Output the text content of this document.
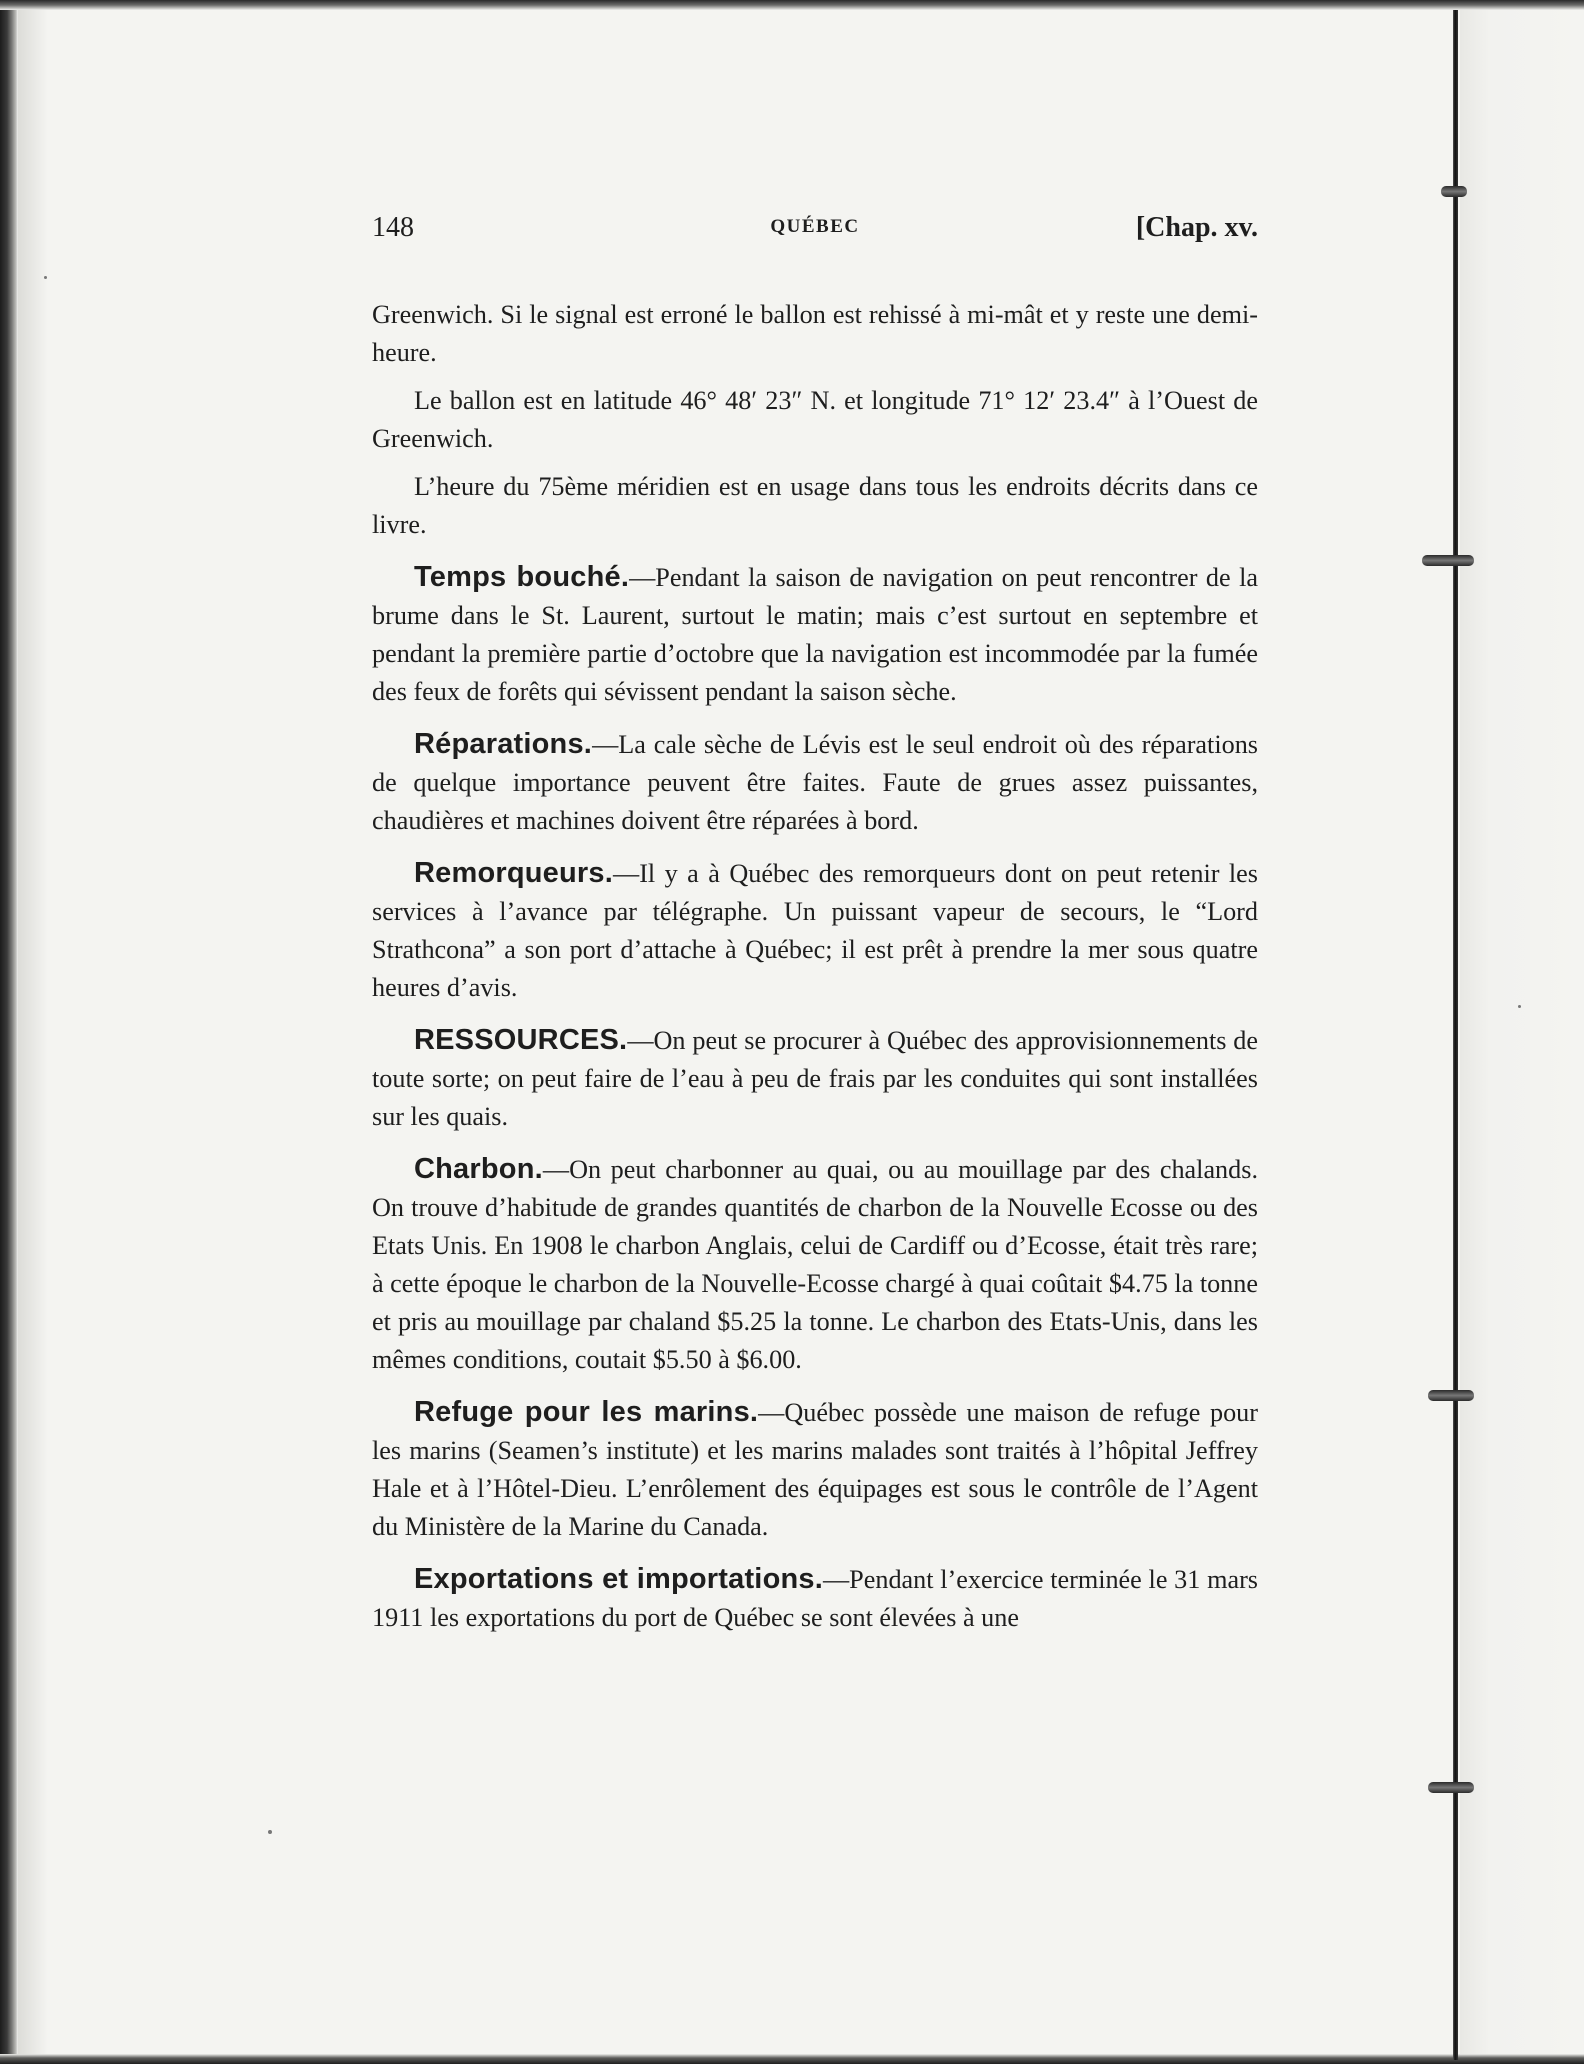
148	QUÉBEC	[Chap. xv.

Greenwich. Si le signal est erroné le ballon est rehissé à mi-mât et y reste une demi-heure.

Le ballon est en latitude 46° 48′ 23″ N. et longitude 71° 12′ 23.4″ à l’Ouest de Greenwich.

L’heure du 75ème méridien est en usage dans tous les endroits décrits dans ce livre.

Temps bouché.—Pendant la saison de navigation on peut rencontrer de la brume dans le St. Laurent, surtout le matin; mais c’est surtout en septembre et pendant la première partie d’octobre que la navigation est incommodée par la fumée des feux de forêts qui sévissent pendant la saison sèche.

Réparations.—La cale sèche de Lévis est le seul endroit où des réparations de quelque importance peuvent être faites. Faute de grues assez puissantes, chaudières et machines doivent être réparées à bord.

Remorqueurs.—Il y a à Québec des remorqueurs dont on peut retenir les services à l’avance par télégraphe. Un puissant vapeur de secours, le “Lord Strathcona” a son port d’attache à Québec; il est prêt à prendre la mer sous quatre heures d’avis.

RESSOURCES.—On peut se procurer à Québec des approvisionnements de toute sorte; on peut faire de l’eau à peu de frais par les conduites qui sont installées sur les quais.

Charbon.—On peut charbonner au quai, ou au mouillage par des chalands. On trouve d’habitude de grandes quantités de charbon de la Nouvelle Ecosse ou des Etats Unis. En 1908 le charbon Anglais, celui de Cardiff ou d’Ecosse, était très rare; à cette époque le charbon de la Nouvelle-Ecosse chargé à quai coûtait $4.75 la tonne et pris au mouillage par chaland $5.25 la tonne. Le charbon des Etats-Unis, dans les mêmes conditions, coutait $5.50 à $6.00.

Refuge pour les marins.—Québec possède une maison de refuge pour les marins (Seamen’s institute) et les marins malades sont traités à l’hôpital Jeffrey Hale et à l’Hôtel-Dieu. L’enrôlement des équipages est sous le contrôle de l’Agent du Ministère de la Marine du Canada.

Exportations et importations.—Pendant l’exercice terminée le 31 mars 1911 les exportations du port de Québec se sont élevées à une
